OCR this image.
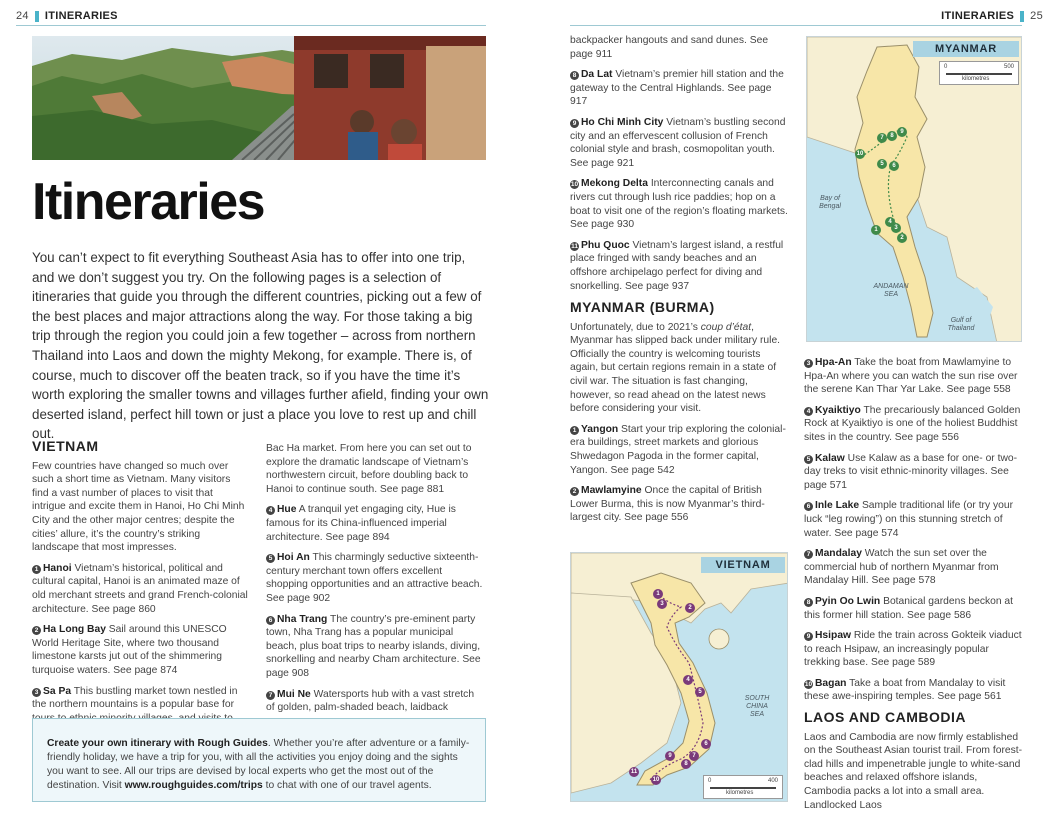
24 ITINERARIES
Itineraries
You can’t expect to fit everything Southeast Asia has to offer into one trip, and we don’t suggest you try. On the following pages is a selection of itineraries that guide you through the different countries, picking out a few of the best places and major attractions along the way. For those taking a big trip through the region you could join a few together – across from northern Thailand into Laos and down the mighty Mekong, for example. There is, of course, much to discover off the beaten track, so if you have the time it’s worth exploring the smaller towns and villages further afield, finding your own deserted island, perfect hill town or just a place you love to rest up and chill out.
VIETNAM

Few countries have changed so much over such a short time as Vietnam. Many visitors find a vast number of places to visit that intrigue and excite them in Hanoi, Ho Chi Minh City and the other major centres; despite the cities’ allure, it’s the country’s striking landscape that most impresses.

1 Hanoi Vietnam’s historical, political and cultural capital, Hanoi is an animated maze of old merchant streets and grand French-colonial architecture. See page 860

2 Ha Long Bay Sail around this UNESCO World Heritage Site, where two thousand limestone karsts jut out of the shimmering turquoise waters. See page 874

3 Sa Pa This bustling market town nestled in the northern mountains is a popular base for

Bac Ha market. From here you can set out to explore the dramatic landscape of Vietnam’s northwestern circuit, before doubling back to Hanoi to continue south. See page 881

4 Hue A tranquil yet engaging city, Hue is famous for its China-influenced imperial architecture. See page 894

5 Hoi An This charmingly seductive sixteenth-century merchant town offers excellent shopping opportunities and an attractive beach. See page 902

6 Nha Trang The country’s pre-eminent party town, Nha Trang has a popular municipal beach, plus boat trips to nearby islands, diving, snorkelling and nearby Cham architecture. See page 908

7 Mui Ne Watersports hub with a vast stretch of golden, palm-shaded beach, laidback

Create your own itinerary with Rough Guides. Whether you’re after adventure or a family-friendly holiday, we have a trip for you, with all the activities you enjoy doing and the sights you want to see. All our trips are devised by local experts who get the most out of the destination. Visit www.roughguides.com/trips to chat with one of our travel agents.
ITINERARIES 25

backpacker hangouts and sand dunes. See page 911

8 Da Lat Vietnam’s premier hill station and the gateway to the Central Highlands. See page 917

9 Ho Chi Minh City Vietnam’s bustling second city and an effervescent collusion of French colonial style and brash, cosmopolitan youth. See page 921

10 Mekong Delta Interconnecting canals and rivers cut through lush rice paddies; hop on a boat to visit one of the region’s floating markets. See page 930

11 Phu Quoc Vietnam’s largest island, a restful place fringed with sandy beaches and an offshore archipelago perfect for diving and snorkelling. See page 937

MYANMAR (BURMA)

Unfortunately, due to 2021’s coup d’état, Myanmar has slipped back under military rule. Officially the country is welcoming tourists again, but certain regions remain in a state of civil war. The situation is fast changing, however, so read ahead on the latest news before considering your visit.

1 Yangon Start your trip exploring the colonial-era buildings, street markets and glorious Shwedagon Pagoda in the former capital, Yangon. See page 542

2 Mawlamyine Once the capital of British Lower Burma, this is now Myanmar’s third-largest city. See page 556

MYANMAR
0	500
kilometres
Bay of
Bengal
ANDAMAN
SEA
Gulf of
Thailand
1
2
3
4
5	6
7	8
9
10

3 Hpa-An Take the boat from Mawlamyine to Hpa-An where you can watch the sun rise over the serene Kan Thar Yar Lake. See page 558

4 Kyaiktiyo The precariously balanced Golden Rock at Kyaiktiyo is one of the holiest Buddhist sites in the country. See page 556

5 Kalaw Use Kalaw as a base for one- or two-day treks to visit ethnic-minority villages. See page 571

6 Inle Lake Sample traditional life (or try your luck “leg rowing”) on this stunning stretch of water. See page 574

7 Mandalay Watch the sun set over the commercial hub of northern Myanmar from Mandalay Hill. See page 578

8 Pyin Oo Lwin Botanical gardens beckon at this former hill station. See page 586

9 Hsipaw Ride the train across Gokteik viaduct to reach Hsipaw, an increasingly popular trekking base. See page 589

10 Bagan Take a boat from Mandalay to visit these awe-inspiring temples. See page 561

LAOS AND CAMBODIA

Laos and Cambodia are now firmly established on the Southeast Asian tourist trail. From forest-clad hills and impenetrable jungle to white-sand beaches and relaxed offshore islands, Cambodia packs a lot into a small area. Landlocked Laos

VIETNAM
SOUTH
CHINA
SEA
0	400
kilometres
1
2
3
4
5
6
7
8
9
10
11
